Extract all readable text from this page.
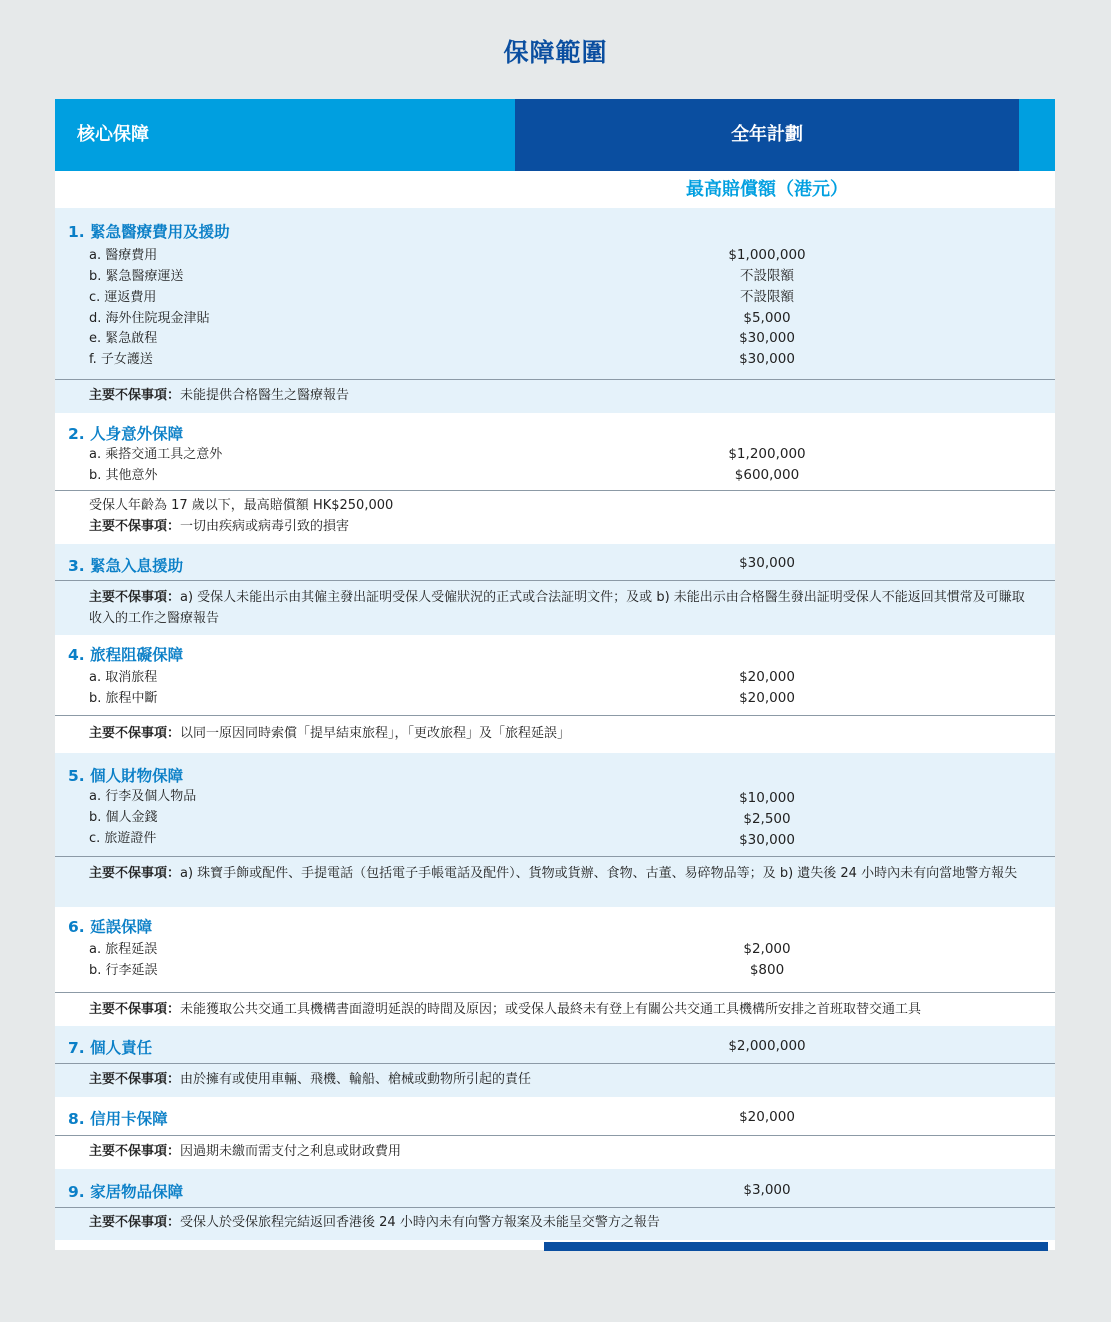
保障範圍
核心保障	全年計劃
最高賠償額（港元）
1. 緊急醫療費用及援助
a. 醫療費用	$1,000,000
b. 緊急醫療運送	不設限額
c. 運返費用	不設限額
d. 海外住院現金津貼	$5,000
e. 緊急啟程	$30,000
f. 子女護送	$30,000
主要不保事項：未能提供合格醫生之醫療報告
2. 人身意外保障
a. 乘搭交通工具之意外	$1,200,000
b. 其他意外	$600,000
受保人年齡為 17 歲以下，最高賠償額 HK$250,000
主要不保事項：一切由疾病或病毒引致的損害
3. 緊急入息援助	$30,000
主要不保事項：a) 受保人未能出示由其僱主發出証明受保人受僱狀況的正式或合法証明文件；及或 b) 未能出示由合格醫生發出証明受保人不能返回其慣常及可賺取收入的工作之醫療報告
4. 旅程阻礙保障
a. 取消旅程	$20,000
b. 旅程中斷	$20,000
主要不保事項：以同一原因同時索償「提早結束旅程」，「更改旅程」及「旅程延誤」
5. 個人財物保障
a. 行李及個人物品	$10,000
b. 個人金錢	$2,500
c. 旅遊證件	$30,000
主要不保事項：a) 珠寶手飾或配件、手提電話（包括電子手帳電話及配件）、貨物或貨辦、食物、古董、易碎物品等；及 b) 遺失後 24 小時內未有向當地警方報失
6. 延誤保障
a. 旅程延誤	$2,000
b. 行李延誤	$800
主要不保事項：未能獲取公共交通工具機構書面證明延誤的時間及原因；或受保人最終未有登上有關公共交通工具機構所安排之首班取替交通工具
7. 個人責任	$2,000,000
主要不保事項：由於擁有或使用車輛、飛機、輪船、槍械或動物所引起的責任
8. 信用卡保障	$20,000
主要不保事項：因過期未繳而需支付之利息或財政費用
9. 家居物品保障	$3,000
主要不保事項：受保人於受保旅程完結返回香港後 24 小時內未有向警方報案及未能呈交警方之報告
